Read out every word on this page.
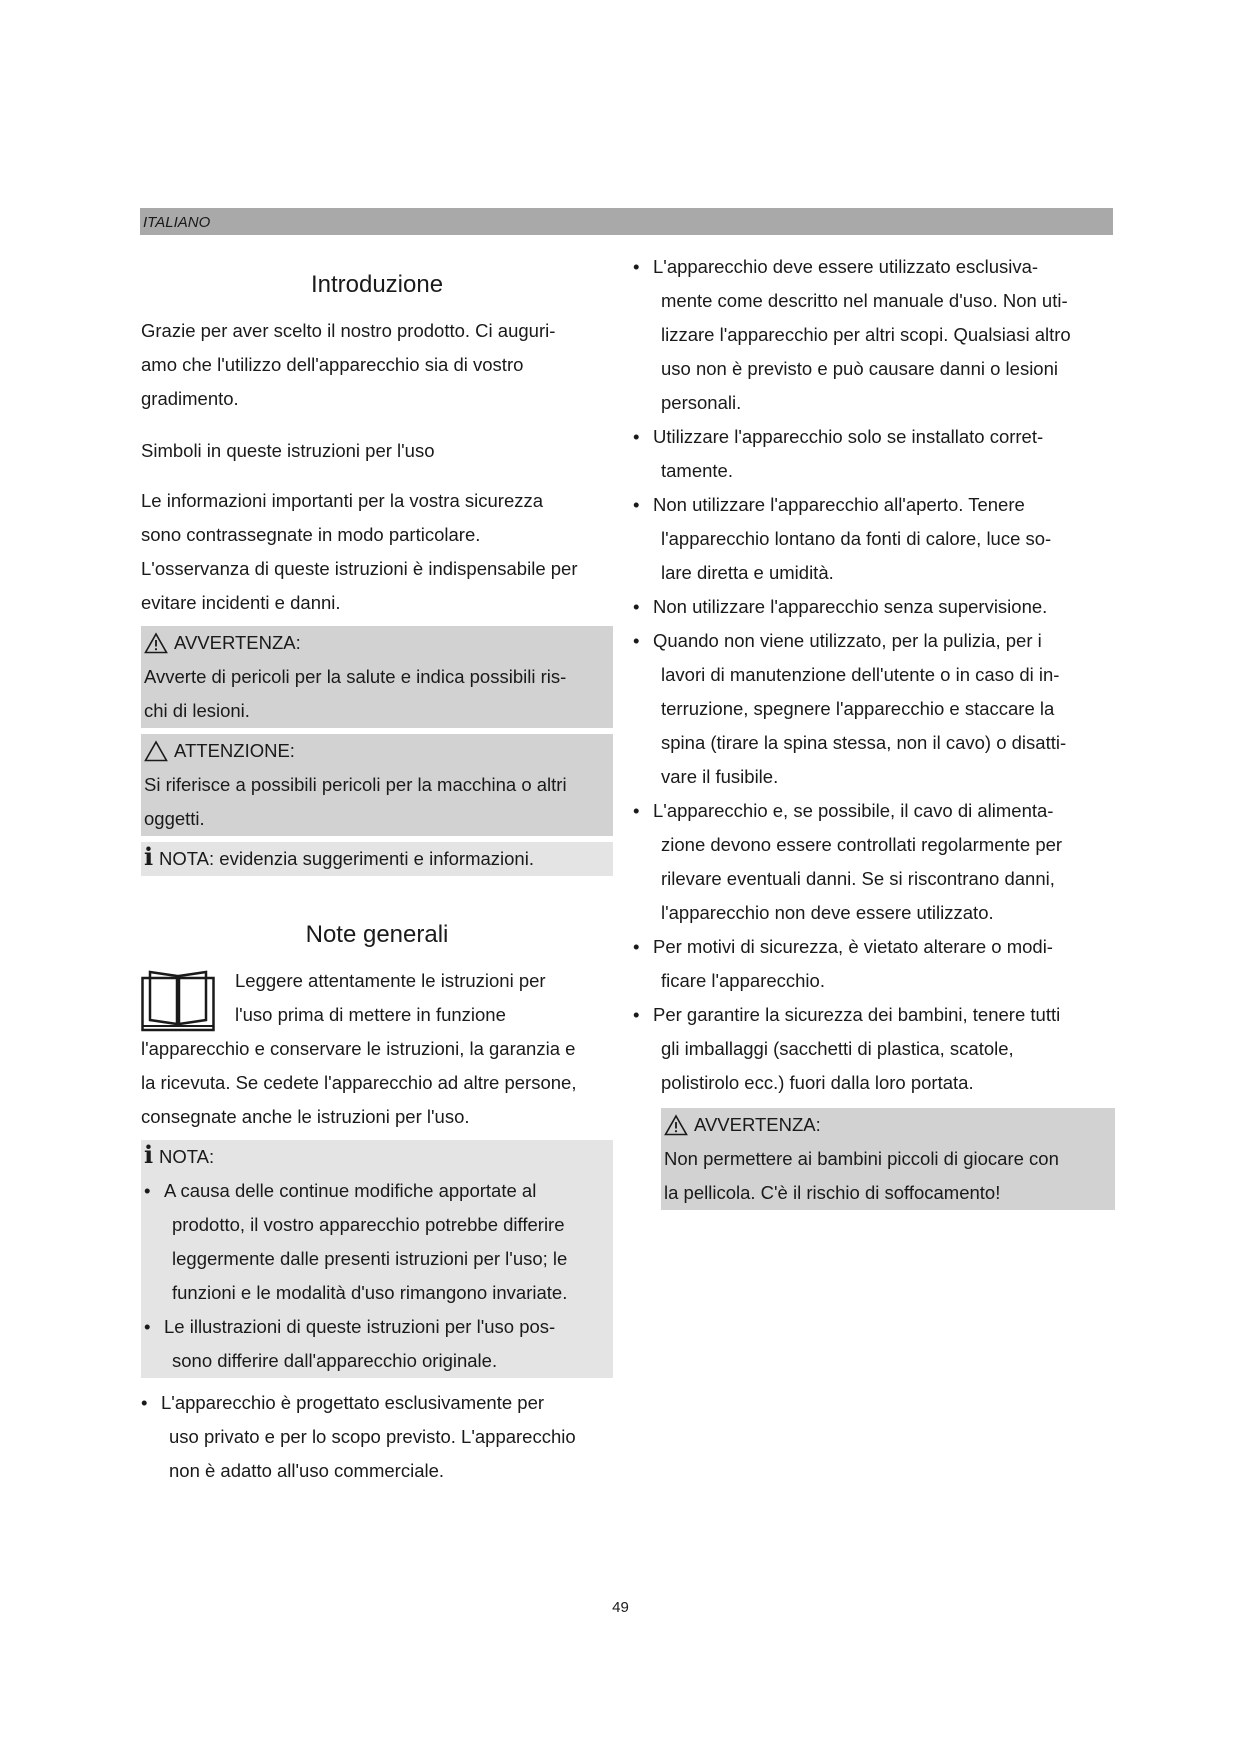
ITALIANO
Introduzione

Grazie per aver scelto il nostro prodotto. Ci auguri-
amo che l'utilizzo dell'apparecchio sia di vostro
gradimento.

Simboli in queste istruzioni per l'uso

Le informazioni importanti per la vostra sicurezza
sono contrassegnate in modo particolare.
L'osservanza di queste istruzioni è indispensabile per
evitare incidenti e danni.

AVVERTENZA:

Avverte di pericoli per la salute e indica possibili ris-
chi di lesioni.

ATTENZIONE:

Si riferisce a possibili pericoli per la macchina o altri
oggetti.

i NOTA: evidenzia suggerimenti e informazioni.
Note generali

Leggere attentamente le istruzioni per
l'uso prima di mettere in funzione

l'apparecchio e conservare le istruzioni, la garanzia e
la ricevuta. Se cedete l'apparecchio ad altre persone,
consegnate anche le istruzioni per l'uso.

i NOTA:
• A causa delle continue modifiche apportate al
prodotto, il vostro apparecchio potrebbe differire
leggermente dalle presenti istruzioni per l'uso; le
funzioni e le modalità d'uso rimangono invariate.
• Le illustrazioni di queste istruzioni per l'uso pos-
sono differire dall'apparecchio originale.
• L'apparecchio è progettato esclusivamente per
uso privato e per lo scopo previsto. L'apparecchio
non è adatto all'uso commerciale.
• L'apparecchio deve essere utilizzato esclusiva-
mente come descritto nel manuale d'uso. Non uti-
lizzare l'apparecchio per altri scopi. Qualsiasi altro
uso non è previsto e può causare danni o lesioni
personali.
• Utilizzare l'apparecchio solo se installato corret-
tamente.
• Non utilizzare l'apparecchio all'aperto. Tenere
l'apparecchio lontano da fonti di calore, luce so-
lare diretta e umidità.
• Non utilizzare l'apparecchio senza supervisione.
• Quando non viene utilizzato, per la pulizia, per i
lavori di manutenzione dell'utente o in caso di in-
terruzione, spegnere l'apparecchio e staccare la
spina (tirare la spina stessa, non il cavo) o disatti-
vare il fusibile.
• L'apparecchio e, se possibile, il cavo di alimenta-
zione devono essere controllati regolarmente per
rilevare eventuali danni. Se si riscontrano danni,
l'apparecchio non deve essere utilizzato.
• Per motivi di sicurezza, è vietato alterare o modi-
ficare l'apparecchio.
• Per garantire la sicurezza dei bambini, tenere tutti
gli imballaggi (sacchetti di plastica, scatole,
polistirolo ecc.) fuori dalla loro portata.
AVVERTENZA:

Non permettere ai bambini piccoli di giocare con
la pellicola. C'è il rischio di soffocamento!

49
